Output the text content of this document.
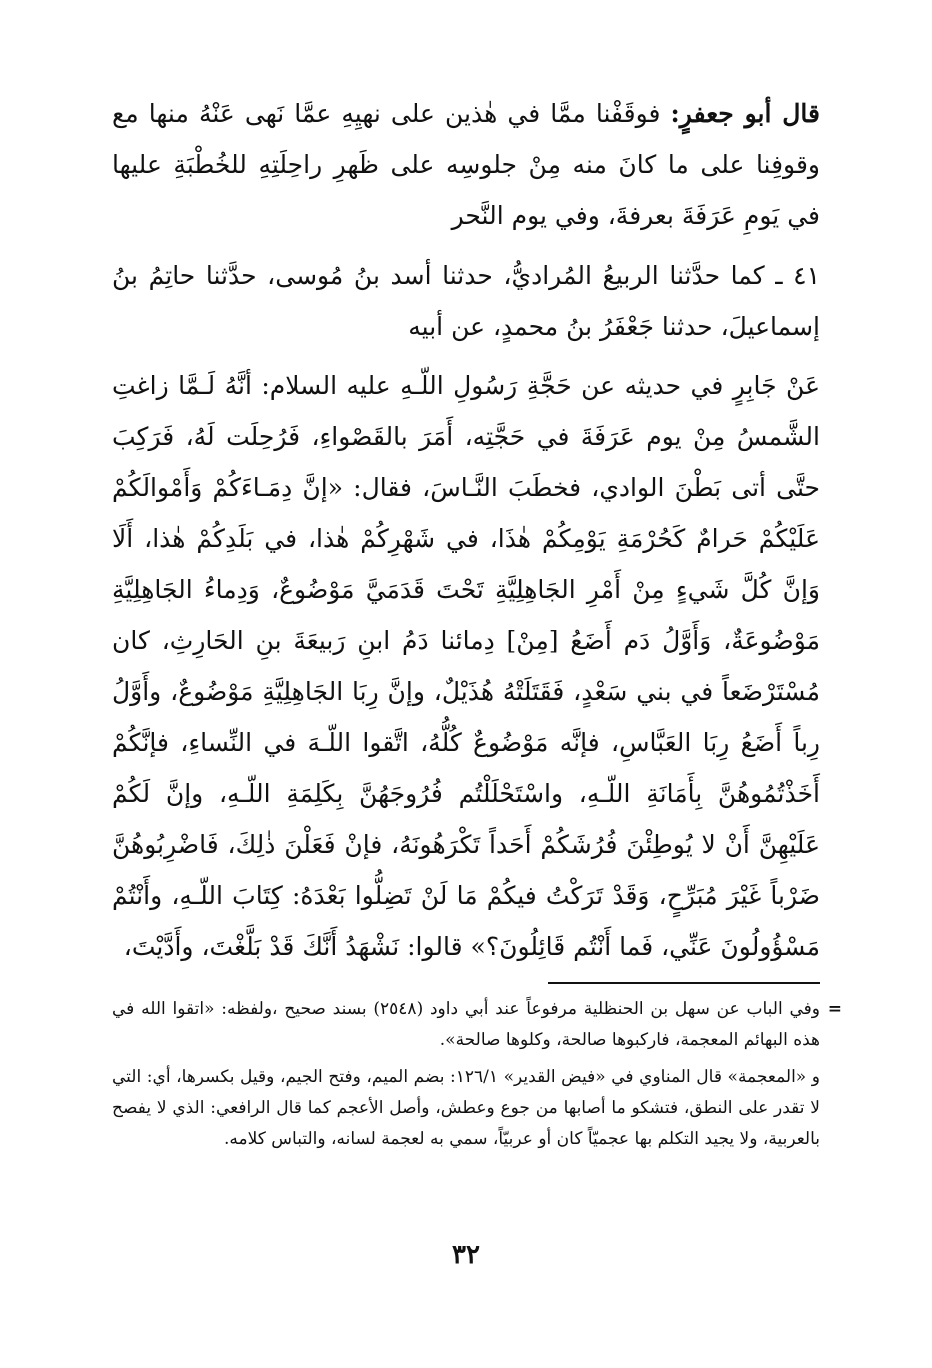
قال أبو جعفرٍ: فوقَفْنا ممَّا في هٰذين على نهيِهِ عمَّا نَهى عَنْهُ منها مع وقوفِنا على ما كانَ منه مِنْ جلوسِه على ظَهرِ راحِلَتِهِ للخُطْبَةِ عليها في يَومِ عَرَفَةَ بعرفةَ، وفي يوم النَّحر

٤١ ـ كما حدَّثنا الربيعُ المُراديُّ، حدثنا أسد بنُ مُوسى، حدَّثنا حاتِمُ بنُ إسماعيلَ، حدثنا جَعْفَرُ بنُ محمدٍ، عن أبيه

عَنْ جَابِرٍ في حديثه عن حَجَّةِ رَسُولِ اللّـهِ عليه السلام: أنَّهُ لَـمَّا زاغتِ الشَّمسُ مِنْ يوم عَرَفَةَ في حَجَّتِه، أَمَرَ بالقَصْواءِ، فَرُحِلَت لَهُ، فَرَكِبَ حتَّى أتى بَطْنَ الوادي، فخطَبَ النَّـاسَ، فقال: «إنَّ دِمَـاءَكُمْ وَأَمْوالَكُمْ عَلَيْكُمْ حَرامٌ كَحُرْمَةِ يَوْمِكُمْ هٰذَا، في شَهْرِكُمْ هٰذا، في بَلَدِكُمْ هٰذا، أَلَا وَإنَّ كُلَّ شَيءٍ مِنْ أَمْرِ الجَاهِلِيَّةِ تَحْتَ قَدَمَيَّ مَوْضُوعٌ، وَدِماءُ الجَاهِلِيَّةِ مَوْضُوعَةٌ، وَأَوَّلُ دَم أَضَعُ [مِنْ] دِمائنا دَمُ ابنِ رَبيعَةَ بنِ الحَارِثِ، كان مُسْتَرْضَعاً في بني سَعْدٍ، فَقَتَلَتْهُ هُذَيْلٌ، وإنَّ رِبَا الجَاهِلِيَّةِ مَوْضُوعٌ، وأَوَّلُ رِباً أَضَعُ رِبَا العَبَّاسِ، فإنَّه مَوْضُوعٌ كُلُّهُ، اتَّقوا اللّـهَ في النِّساءِ، فإنَّكُمْ أَخَذْتُمُوهُنَّ بِأَمَانَةِ اللّـهِ، واسْتَحْلَلْتُم فُرُوجَهُنَّ بِكَلِمَةِ اللّـهِ، وإنَّ لَكُمْ عَلَيْهِنَّ أَنْ لا يُوطِئْنَ فُرُشَكُمْ أَحَداً تَكْرَهُونَهُ، فإنْ فَعَلْنَ ذٰلِكَ، فَاضْرِبُوهُنَّ ضَرْباً غَيْرَ مُبَرِّحٍ، وَقَدْ تَرَكْتُ فيكُمْ مَا لَنْ تَضِلُّوا بَعْدَهُ: كِتَابَ اللّـهِ، وأَنْتُمْ مَسْؤُولُونَ عَنِّي، فَما أَنْتُم قَائِلُونَ؟» قالوا: نَشْهَدُ أَنَّكَ قَدْ بَلَّغْتَ، وأَدَّيْتَ،

=
وفي الباب عن سهل بن الحنظلية مرفوعاً عند أبي داود (٢٥٤٨) بسند صحيح ،ولفظه: «اتقوا الله في هذه البهائم المعجمة، فاركبوها صالحة، وكلوها صالحة».

و «المعجمة» قال المناوي في «فيض القدير» ١٢٦/١: بضم الميم، وفتح الجيم، وقيل بكسرها، أي: التي لا تقدر على النطق، فتشكو ما أصابها من جوع وعطش، وأصل الأعجم كما قال الرافعي: الذي لا يفصح بالعربية، ولا يجيد التكلم بها عجميّاً كان أو عربيّاً، سمي به لعجمة لسانه، والتباس كلامه.

٣٢
